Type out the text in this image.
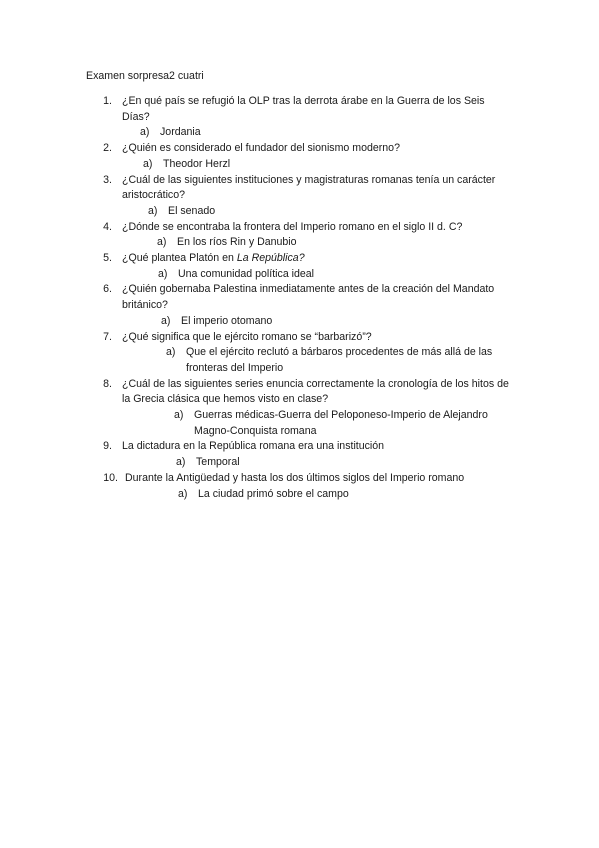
Examen sorpresa2 cuatri
1. ¿En qué país se refugió la OLP tras la derrota árabe en la Guerra de los Seis Días?
a) Jordania
2. ¿Quién es considerado el fundador del sionismo moderno?
a) Theodor Herzl
3. ¿Cuál de las siguientes instituciones y magistraturas romanas tenía un carácter aristocrático?
a) El senado
4. ¿Dónde se encontraba la frontera del Imperio romano en el siglo II d. C?
a) En los ríos Rin y Danubio
5. ¿Qué plantea Platón en La República?
a) Una comunidad política ideal
6. ¿Quién gobernaba Palestina inmediatamente antes de la creación del Mandato británico?
a) El imperio otomano
7. ¿Qué significa que le ejército romano se “barbarizó”?
a) Que el ejército reclutó a bárbaros procedentes de más allá de las fronteras del Imperio
8. ¿Cuál de las siguientes series enuncia correctamente la cronología de los hitos de la Grecia clásica que hemos visto en clase?
a) Guerras médicas-Guerra del Peloponeso-Imperio de Alejandro Magno-Conquista romana
9. La dictadura en la República romana era una institución
a) Temporal
10. Durante la Antigüedad y hasta los dos últimos siglos del Imperio romano
a) La ciudad primó sobre el campo
